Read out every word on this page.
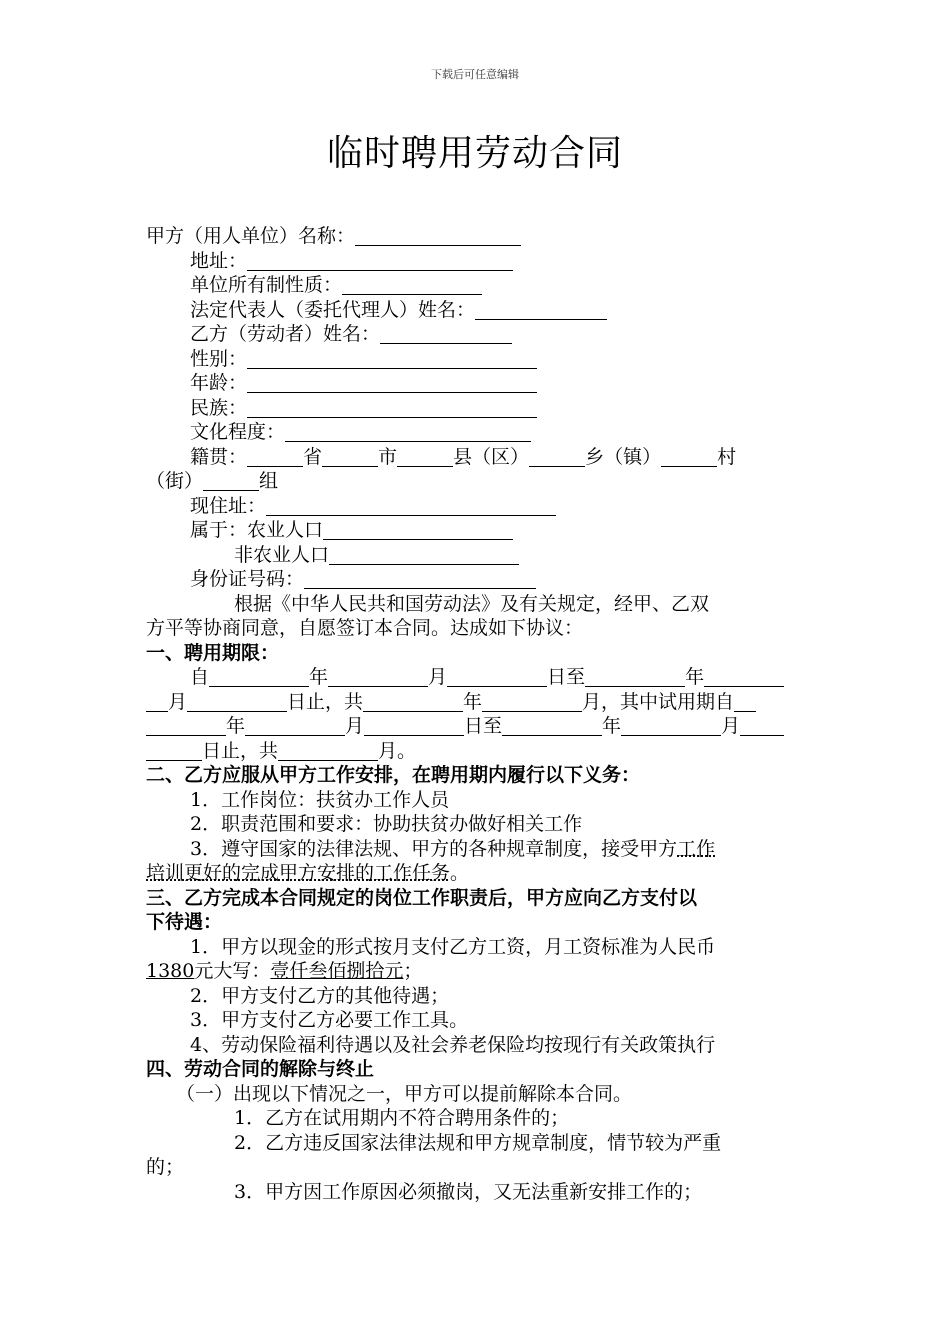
下载后可任意编辑
临时聘用劳动合同
甲方（用人单位）名称：
地址：
单位所有制性质：
法定代表人（委托代理人）姓名：
乙方（劳动者）姓名：
性别：
年龄：
民族：
文化程度：
籍贯：	省	市	县（区）	乡（镇）	村
（街）	组
现住址：
属于：农业人口
非农业人口
身份证号码：
根据《中华人民共和国劳动法》及有关规定，经甲、乙双
方平等协商同意，自愿签订本合同。达成如下协议：
一、聘用期限：
自	年	月	日至	年
月	日止，共	年	月，其中试用期自
年	月	日至	年	月
日止，共	月。
二、乙方应服从甲方工作安排，在聘用期内履行以下义务：
1．工作岗位：扶贫办工作人员
2．职责范围和要求：协助扶贫办做好相关工作
3．遵守国家的法律法规、甲方的各种规章制度，接受甲方工作
培训更好的完成甲方安排的工作任务。
三、乙方完成本合同规定的岗位工作职责后，甲方应向乙方支付以
下待遇：
1．甲方以现金的形式按月支付乙方工资，月工资标准为人民币
1380元大写：壹仟叁佰捌拾元；
2．甲方支付乙方的其他待遇；
3．甲方支付乙方必要工作工具。
4、劳动保险福利待遇以及社会养老保险均按现行有关政策执行
四、劳动合同的解除与终止
（一）出现以下情况之一，甲方可以提前解除本合同。
1．乙方在试用期内不符合聘用条件的；
2．乙方违反国家法律法规和甲方规章制度，情节较为严重
的；
3．甲方因工作原因必须撤岗，又无法重新安排工作的；
